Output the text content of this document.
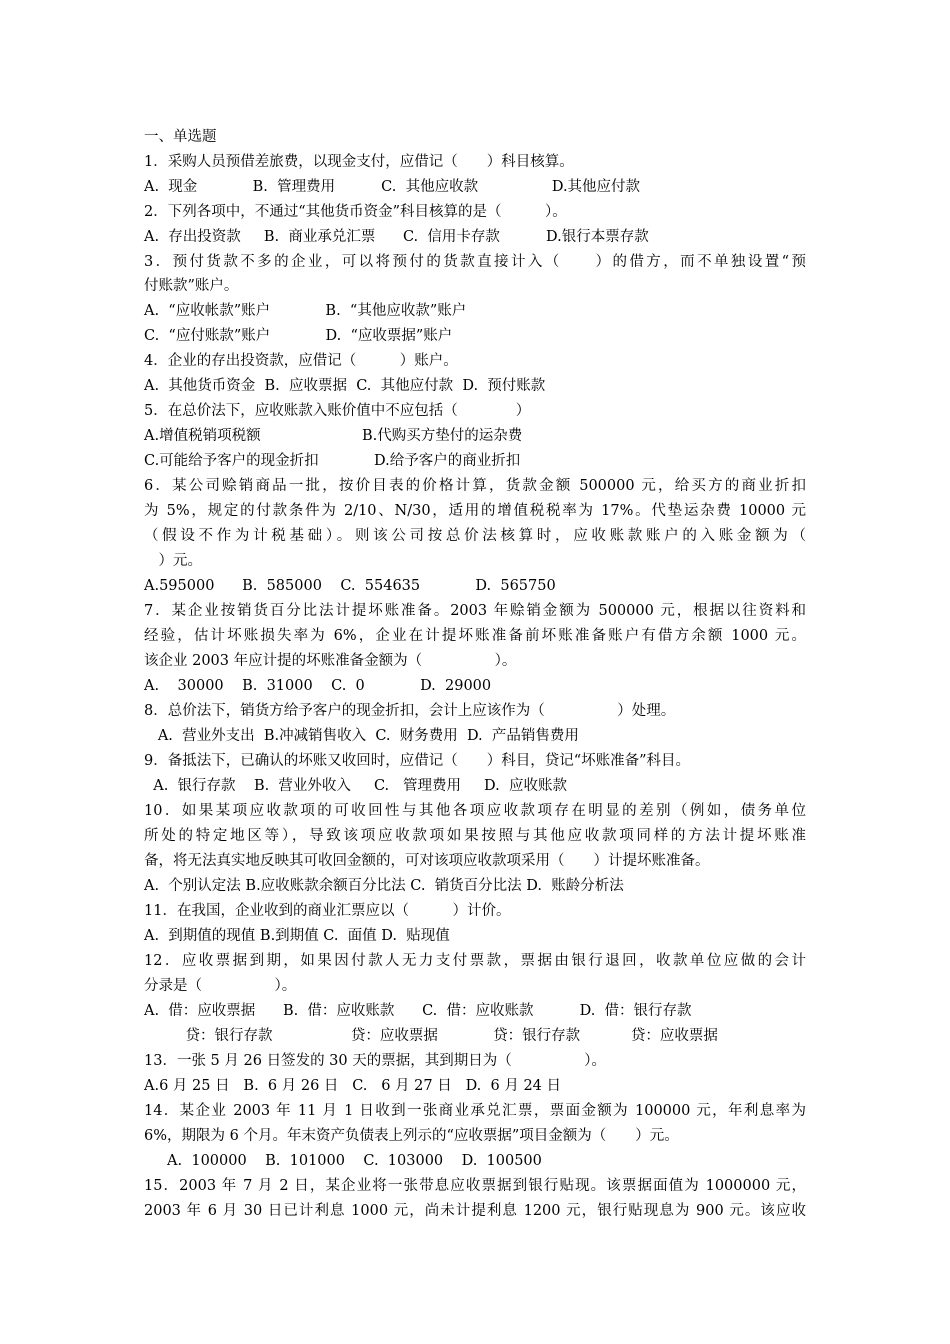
一、单选题
1．采购人员预借差旅费，以现金支付，应借记（　　）科目核算。
A.  现金            B.  管理费用          C.  其他应收款                D.其他应付款
2．下列各项中，不通过“其他货币资金”科目核算的是（　　　）。
A.  存出投资款     B.  商业承兑汇票      C.  信用卡存款          D.银行本票存款
3．预付货款不多的企业，可以将预付的货款直接计入（　　）的借方，而不单独设置“预
付账款”账户。
A.  “应收帐款”账户            B.  “其他应收款”账户
C.  “应付账款”账户            D.  “应收票据”账户
4．企业的存出投资款，应借记（　　　）账户。
A.  其他货币资金  B.  应收票据  C.  其他应付款  D.  预付账款
5．在总价法下，应收账款入账价值中不应包括（　　　　）
A.增值税销项税额                      B.代购买方垫付的运杂费
C.可能给予客户的现金折扣            D.给予客户的商业折扣
6．某公司赊销商品一批，按价目表的价格计算，货款金额 500000 元，给买方的商业折扣
为 5%，规定的付款条件为 2/10、N/30，适用的增值税税率为 17%。代垫运杂费 10000 元
（假设不作为计税基础）。则该公司按总价法核算时，应收账款账户的入账金额为（
　）元。
A.595000      B.  585000    C.  554635            D.  565750
7．某企业按销货百分比法计提坏账准备。2003 年赊销金额为 500000 元，根据以往资料和
经验，估计坏账损失率为 6%，企业在计提坏账准备前坏账准备账户有借方余额 1000 元。
该企业 2003 年应计提的坏账准备金额为（　　　　　）。
A.    30000    B.  31000    C.  0            D.  29000
8．总价法下，销货方给予客户的现金折扣，会计上应该作为（　　　　　）处理。
A.  营业外支出  B.冲减销售收入  C.  财务费用  D.  产品销售费用
9．备抵法下，已确认的坏账又收回时，应借记（　　）科目，贷记“坏账准备”科目。
A.  银行存款    B.  营业外收入     C.   管理费用     D.  应收账款
10．如果某项应收款项的可收回性与其他各项应收款项存在明显的差别（例如，债务单位
所处的特定地区等），导致该项应收款项如果按照与其他应收款项同样的方法计提坏账准
备，将无法真实地反映其可收回金额的，可对该项应收款项采用（　　）计提坏账准备。
A.  个别认定法 B.应收账款余额百分比法 C.  销货百分比法 D.  账龄分析法
11．在我国，企业收到的商业汇票应以（　　　）计价。
A.  到期值的现值 B.到期值 C.  面值 D.  贴现值
12．应收票据到期，如果因付款人无力支付票款，票据由银行退回，收款单位应做的会计
分录是（　　　　　）。
A.  借：应收票据      B.  借：应收账款      C.  借：应收账款          D.  借：银行存款
贷：银行存款                 贷：应收票据            贷：银行存款           贷：应收票据
13．一张 5 月 26 日签发的 30 天的票据，其到期日为（　　　　　）。
A.6 月 25 日   B.  6 月 26 日   C.   6 月 27 日   D.  6 月 24 日
14．某企业 2003 年 11 月 1 日收到一张商业承兑汇票，票面金额为 100000 元，年利息率为
6%，期限为 6 个月。年末资产负债表上列示的“应收票据”项目金额为（　　）元。
A.  100000    B.  101000    C.  103000    D.  100500
15．2003 年 7 月 2 日，某企业将一张带息应收票据到银行贴现。该票据面值为 1000000 元，
2003 年 6 月 30 日已计利息 1000 元，尚未计提利息 1200 元，银行贴现息为 900 元。该应收
